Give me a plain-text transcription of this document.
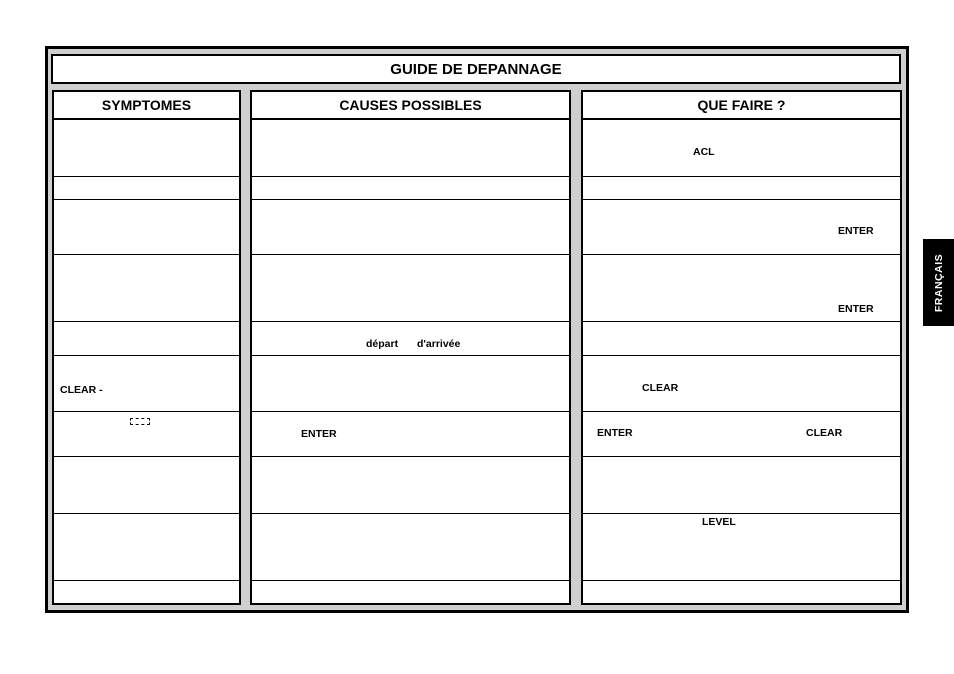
GUIDE DE DEPANNAGE
SYMPTOMES
CLEAR -
CAUSES POSSIBLES
départ d'arrivée
ENTER
QUE FAIRE ?
ACL
ENTER
ENTER
CLEAR
ENTER	CLEAR
LEVEL
FRANÇAIS
